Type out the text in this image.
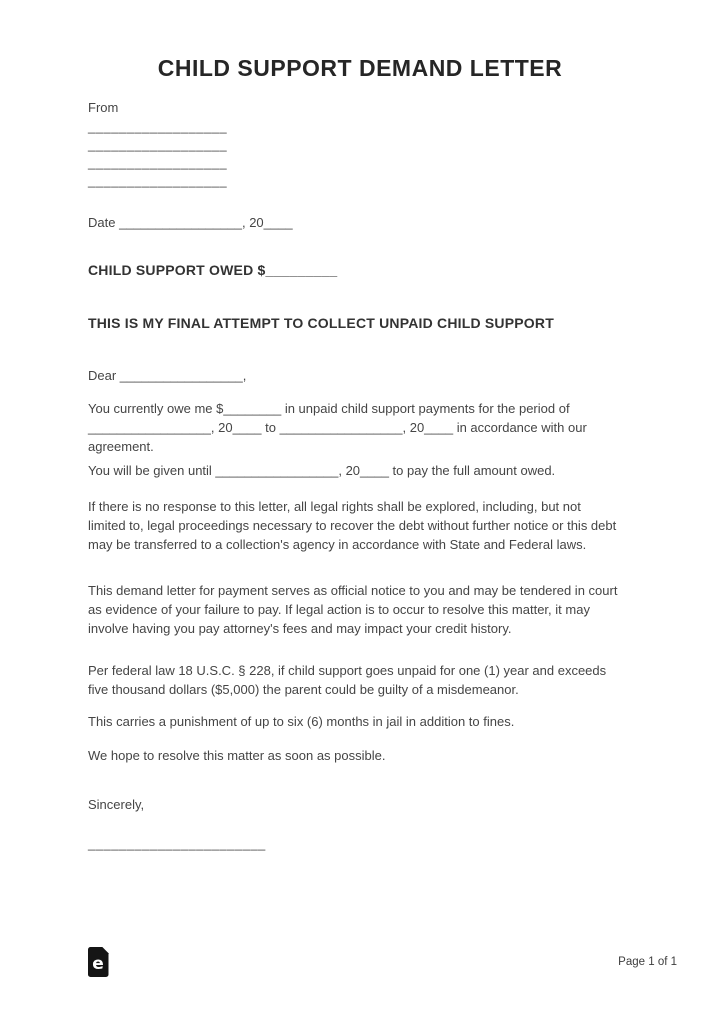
CHILD SUPPORT DEMAND LETTER
From
__________________
__________________
__________________
__________________
Date _________________, 20____
CHILD SUPPORT OWED $_________
THIS IS MY FINAL ATTEMPT TO COLLECT UNPAID CHILD SUPPORT
Dear _________________,

You currently owe me $________ in unpaid child support payments for the period of _________________, 20____ to _________________, 20____ in accordance with our agreement.

You will be given until _________________, 20____ to pay the full amount owed.

If there is no response to this letter, all legal rights shall be explored, including, but not limited to, legal proceedings necessary to recover the debt without further notice or this debt may be transferred to a collection's agency in accordance with State and Federal laws.

This demand letter for payment serves as official notice to you and may be tendered in court as evidence of your failure to pay. If legal action is to occur to resolve this matter, it may involve having you pay attorney's fees and may impact your credit history.

Per federal law 18 U.S.C. § 228, if child support goes unpaid for one (1) year and exceeds five thousand dollars ($5,000) the parent could be guilty of a misdemeanor.

This carries a punishment of up to six (6) months in jail in addition to fines.

We hope to resolve this matter as soon as possible.

Sincerely,
_______________________
e	Page 1 of 1
